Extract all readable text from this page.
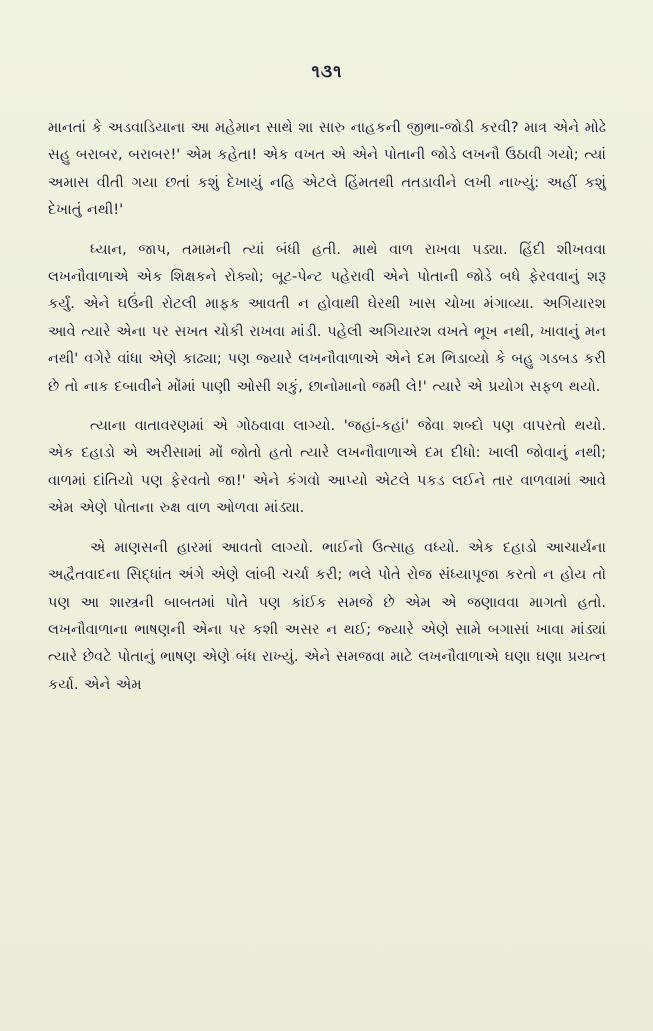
૧૩૧

માનતાં કે અડવાડિયાના આ મહેમાન સાથે શા સારુ નાહકની જીભા-જોડી કરવી? માત્ર એને મોઢે સહુ બરાબર, બરાબર!' એમ કહેતા! એક વખત એ એને પોતાની જોડે લખનૌ ઉઠાવી ગયો; ત્યાં અમાસ વીતી ગયા છતાં કશું દેખાયું નહિ એટલે હિંમતથી તતડાવીને લખી નાખ્યું: અહીં કશું દેખાતું નથી!'

ધ્યાન, જાપ, તમામની ત્યાં બંધી હતી. માથે વાળ રાખવા પડ્યા. હિંદી શીખવવા લખનૌવાળાએ એક શિક્ષકને રોક્યો; બૂટ-પેન્ટ પહેરાવી એને પોતાની જોડે બધે ફેરવવાનું શરૂ કર્યું. એને ઘઉંની રોટલી માફક આવતી ન હોવાથી ઘેરથી ખાસ ચોખા મંગાવ્યા. અગિયારશ આવે ત્યારે એના પર સખત ચોકી રાખવા માંડી. પહેલી અગિયારશ વખતે ભૂખ નથી, ખાવાનું મન નથી' વગેરે વાંધા એણે કાઢ્યા; પણ જ્યારે લખનૌવાળાએ એને દમ ભિડાવ્યો કે બહુ ગડબડ કરી છે તો નાક દબાવીને મોંમાં પાણી ઓસી શકું, છાનોમાનો જમી લે!' ત્યારે એ પ્રયોગ સફળ થયો.

ત્યાના વાતાવરણમાં એ ગોઠવાવા લાગ્યો. 'જહાં-કહાં' જેવા શબ્દો પણ વાપરતો થયો. એક દહાડો એ અરીસામાં મોં જોતો હતો ત્યારે લખનૌવાળાએ દમ દીધો: ખાલી જોવાનું નથી; વાળમાં દાંતિયો પણ ફેરવતો જા!' એને કંગવો આપ્યો એટલે પકડ લઈને તાર વાળવામાં આવે એમ એણે પોતાના રુક્ષ વાળ ઓળવા માંડ્યા.

એ માણસની હારમાં આવતો લાગ્યો. ભાઈનો ઉત્સાહ વધ્યો. એક દહાડો આચાર્યના અદ્વૈતવાદના સિદ્ધાંત અંગે એણે લાંબી ચર્ચા કરી; ભલે પોતે રોજ સંધ્યાપૂજા કરતો ન હોય તો પણ આ શાસ્ત્રની બાબતમાં પોતે પણ કાંઈક સમજે છે એમ એ જણાવવા માગતો હતો. લખનૌવાળાના ભાષણની એના પર કશી અસર ન થઈ; જ્યારે એણે સામે બગાસાં ખાવા માંડ્યાં ત્યારે છેવટે પોતાનું ભાષણ એણે બંધ રાખ્યું. એને સમજવા માટે લખનૌવાળાએ ઘણા ઘણા પ્રયત્ન કર્યા. એને એમ
